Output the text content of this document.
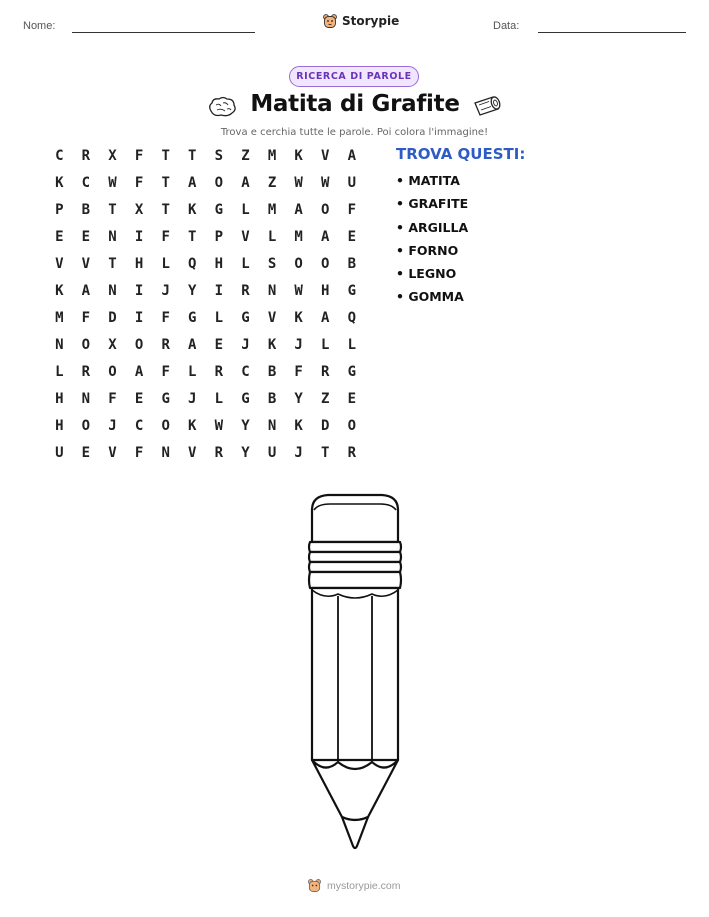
Nome:	Storypie	Data:
RICERCA DI PAROLE
Matita di Grafite
Trova e cerchia tutte le parole. Poi colora l'immagine!
C	R	X	F	T	T	S	Z	M	K	V	A
K	C	W	F	T	A	O	A	Z	W	W	U
P	B	T	X	T	K	G	L	M	A	O	F
E	E	N	I	F	T	P	V	L	M	A	E
V	V	T	H	L	Q	H	L	S	O	O	B
K	A	N	I	J	Y	I	R	N	W	H	G
M	F	D	I	F	G	L	G	V	K	A	Q
N	O	X	O	R	A	E	J	K	J	L	L
L	R	O	A	F	L	R	C	B	F	R	G
H	N	F	E	G	J	L	G	B	Y	Z	E
H	O	J	C	O	K	W	Y	N	K	D	O
U	E	V	F	N	V	R	Y	U	J	T	R
TROVA QUESTI:
• MATITA
• GRAFITE
• ARGILLA
• FORNO
• LEGNO
• GOMMA
mystorypie.com
